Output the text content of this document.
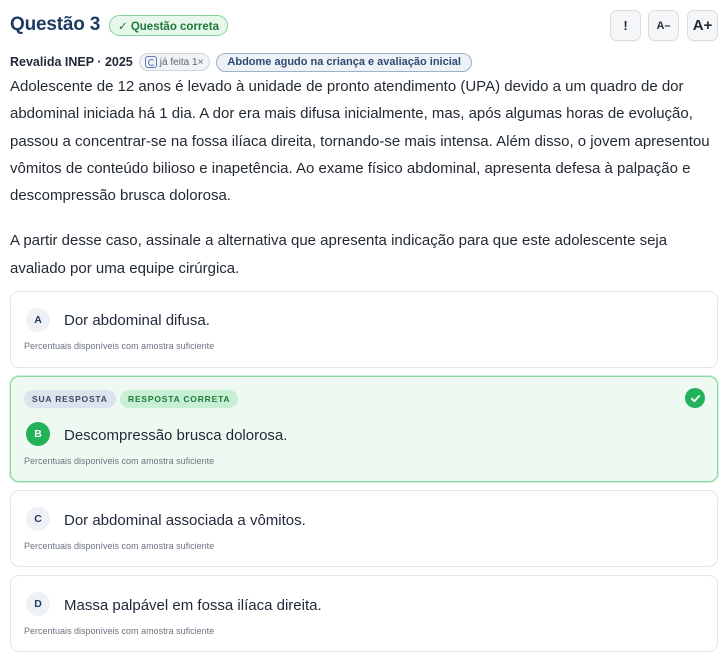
Questão 3	✓ Questão correta	!	A–	A+
Revalida INEP · 2025	já feita 1×	Abdome agudo na criança e avaliação inicial

Adolescente de 12 anos é levado à unidade de pronto atendimento (UPA) devido a um quadro de dor abdominal iniciada há 1 dia. A dor era mais difusa inicialmente, mas, após algumas horas de evolução, passou a concentrar-se na fossa ilíaca direita, tornando-se mais intensa. Além disso, o jovem apresentou vômitos de conteúdo bilioso e inapetência. Ao exame físico abdominal, apresenta defesa à palpação e descompressão brusca dolorosa.

A partir desse caso, assinale a alternativa que apresenta indicação para que este adolescente seja avaliado por uma equipe cirúrgica.

A	Dor abdominal difusa.
Percentuais disponíveis com amostra suficiente
SUA RESPOSTA	RESPOSTA CORRETA
B	Descompressão brusca dolorosa.
Percentuais disponíveis com amostra suficiente
C	Dor abdominal associada a vômitos.
Percentuais disponíveis com amostra suficiente
D	Massa palpável em fossa ilíaca direita.
Percentuais disponíveis com amostra suficiente
